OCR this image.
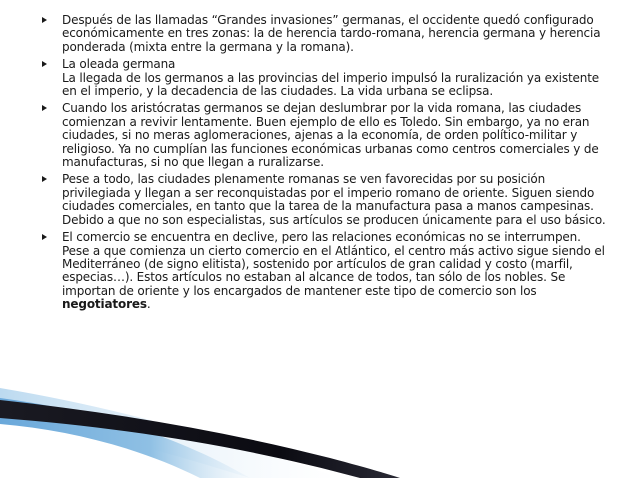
Después de las llamadas “Grandes invasiones” germanas, el occidente quedó configurado económicamente en tres zonas: la de herencia tardo-romana, herencia germana y herencia ponderada (mixta entre la germana y la romana).
La oleada germana
La llegada de los germanos a las provincias del imperio impulsó la ruralización ya existente en el imperio, y la decadencia de las ciudades. La vida urbana se eclipsa.
Cuando los aristócratas germanos se dejan deslumbrar por la vida romana, las ciudades comienzan a revivir lentamente. Buen ejemplo de ello es Toledo. Sin embargo, ya no eran ciudades, si no meras aglomeraciones, ajenas a la economía, de orden político-militar y religioso. Ya no cumplían las funciones económicas urbanas como centros comerciales y de manufacturas, si no que llegan a ruralizarse.
Pese a todo, las ciudades plenamente romanas se ven favorecidas por su posición privilegiada y llegan a ser reconquistadas por el imperio romano de oriente. Siguen siendo ciudades comerciales, en tanto que la tarea de la manufactura pasa a manos campesinas. Debido a que no son especialistas, sus artículos se producen únicamente para el uso básico.
El comercio se encuentra en declive, pero las relaciones económicas no se interrumpen. Pese a que comienza un cierto comercio en el Atlántico, el centro más activo sigue siendo el Mediterráneo (de signo elitista), sostenido por artículos de gran calidad y costo (marfil, especias…). Estos artículos no estaban al alcance de todos, tan sólo de los nobles. Se importan de oriente y los encargados de mantener este tipo de comercio son los negotiatores.
